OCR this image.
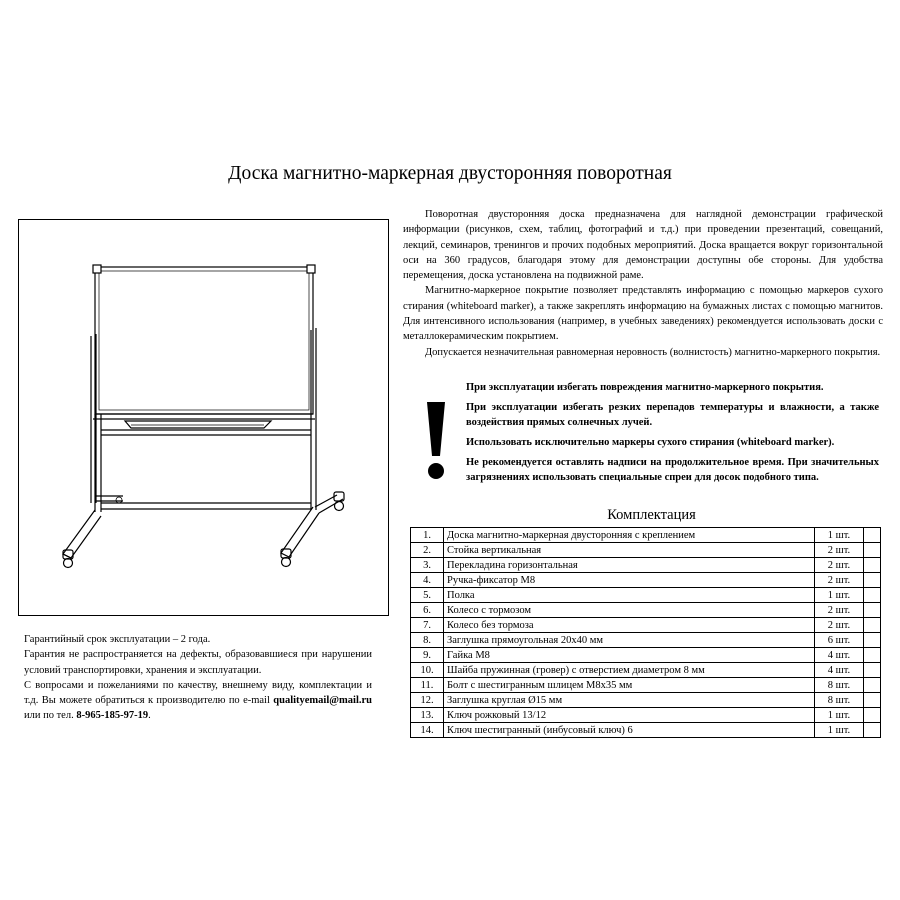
Доска магнитно-маркерная двусторонняя поворотная

Поворотная двусторонняя доска предназначена для наглядной демонстрации графической информации (рисунков, схем, таблиц, фотографий и т.д.) при проведении презентаций, совещаний, лекций, семинаров, тренингов и прочих подобных мероприятий. Доска вращается вокруг горизонтальной оси на 360 градусов, благодаря этому для демонстрации доступны обе стороны. Для удобства перемещения, доска установлена на подвижной раме.

Магнитно-маркерное покрытие позволяет представлять информацию с помощью маркеров сухого стирания (whiteboard marker), а также закреплять информацию на бумажных листах с помощью магнитов. Для интенсивного использования (например, в учебных заведениях) рекомендуется использовать доски с металлокерамическим покрытием.

Допускается незначительная равномерная неровность (волнистость) магнитно-маркерного покрытия.

При эксплуатации избегать повреждения магнитно-маркерного покрытия.

При эксплуатации избегать резких перепадов температуры и влажности, а также воздействия прямых солнечных лучей.

Использовать исключительно маркеры сухого стирания (whiteboard marker).

Не рекомендуется оставлять надписи на продолжительное время. При значительных загрязнениях использовать специальные спреи для досок подобного типа.

Комплектация
1.	Доска магнитно-маркерная двусторонняя с креплением	1 шт.	
2.	Стойка вертикальная	2 шт.	
3.	Перекладина горизонтальная	2 шт.	
4.	Ручка-фиксатор М8	2 шт.	
5.	Полка	1 шт.	
6.	Колесо с тормозом	2 шт.	
7.	Колесо без тормоза	2 шт.	
8.	Заглушка прямоугольная 20х40 мм	6 шт.	
9.	Гайка М8	4 шт.	
10.	Шайба пружинная (гровер) с отверстием диаметром 8 мм	4 шт.	
11.	Болт с шестигранным шлицем М8х35 мм	8 шт.	
12.	Заглушка круглая Ø15 мм	8 шт.	
13.	Ключ рожковый 13/12	1 шт.	
14.	Ключ шестигранный (инбусовый ключ) 6	1 шт.	

Гарантийный срок эксплуатации – 2 года.

Гарантия не распространяется на дефекты, образовавшиеся при нарушении условий транспортировки, хранения и эксплуатации.

С вопросами и пожеланиями по качеству, внешнему виду, комплектации и т.д. Вы можете обратиться к производителю по e-mail qualityemail@mail.ru или по тел. 8-965-185-97-19.
